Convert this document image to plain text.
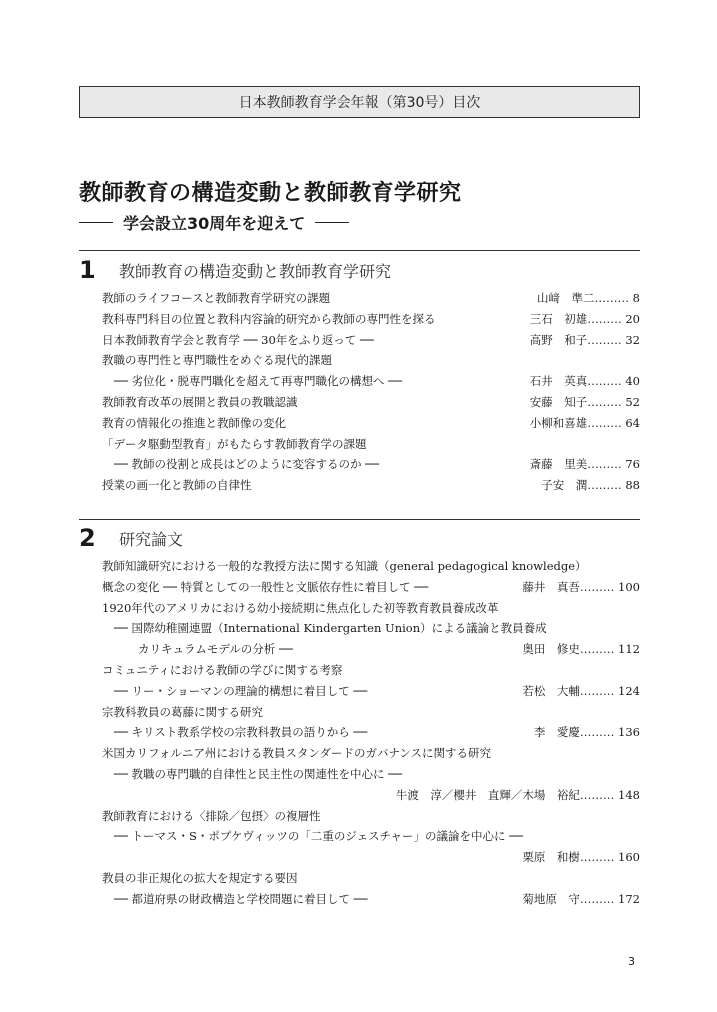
日本教師教育学会年報（第30号）目次
教師教育の構造変動と教師教育学研究
学会設立30周年を迎えて
1	教師教育の構造変動と教師教育学研究
教師のライフコースと教師教育学研究の課題	山﨑　準二……… 8
教科専門科目の位置と教科内容論的研究から教師の専門性を探る	三石　初雄……… 20
日本教師教育学会と教育学 ── 30年をふり返って ──	高野　和子……… 32
教職の専門性と専門職性をめぐる現代的課題
── 劣位化・脱専門職化を超えて再専門職化の構想へ ──	石井　英真……… 40
教師教育改革の展開と教員の教職認識	安藤　知子……… 52
教育の情報化の推進と教師像の変化	小柳和喜雄……… 64
「データ駆動型教育」がもたらす教師教育学の課題
── 教師の役割と成長はどのように変容するのか ──	斎藤　里美……… 76
授業の画一化と教師の自律性	子安　潤……… 88
2	研究論文
教師知識研究における一般的な教授方法に関する知識（general pedagogical knowledge）
概念の変化 ── 特質としての一般性と文脈依存性に着目して ──	藤井　真吾……… 100
1920年代のアメリカにおける幼小接続期に焦点化した初等教育教員養成改革
── 国際幼稚園連盟（International Kindergarten Union）による議論と教員養成
カリキュラムモデルの分析 ──	奥田　修史……… 112
コミュニティにおける教師の学びに関する考察
── リー・ショーマンの理論的構想に着目して ──	若松　大輔……… 124
宗教科教員の葛藤に関する研究
── キリスト教系学校の宗教科教員の語りから ──	李　愛慶……… 136
米国カリフォルニア州における教員スタンダードのガバナンスに関する研究
── 教職の専門職的自律性と民主性の関連性を中心に ──
牛渡　淳／櫻井　直輝／木場　裕紀……… 148
教師教育における〈排除／包摂〉の複層性
── トーマス・S・ポプケヴィッツの「二重のジェスチャー」の議論を中心に ──
栗原　和樹……… 160
教員の非正規化の拡大を規定する要因
── 都道府県の財政構造と学校問題に着目して ──	菊地原　守……… 172
3
